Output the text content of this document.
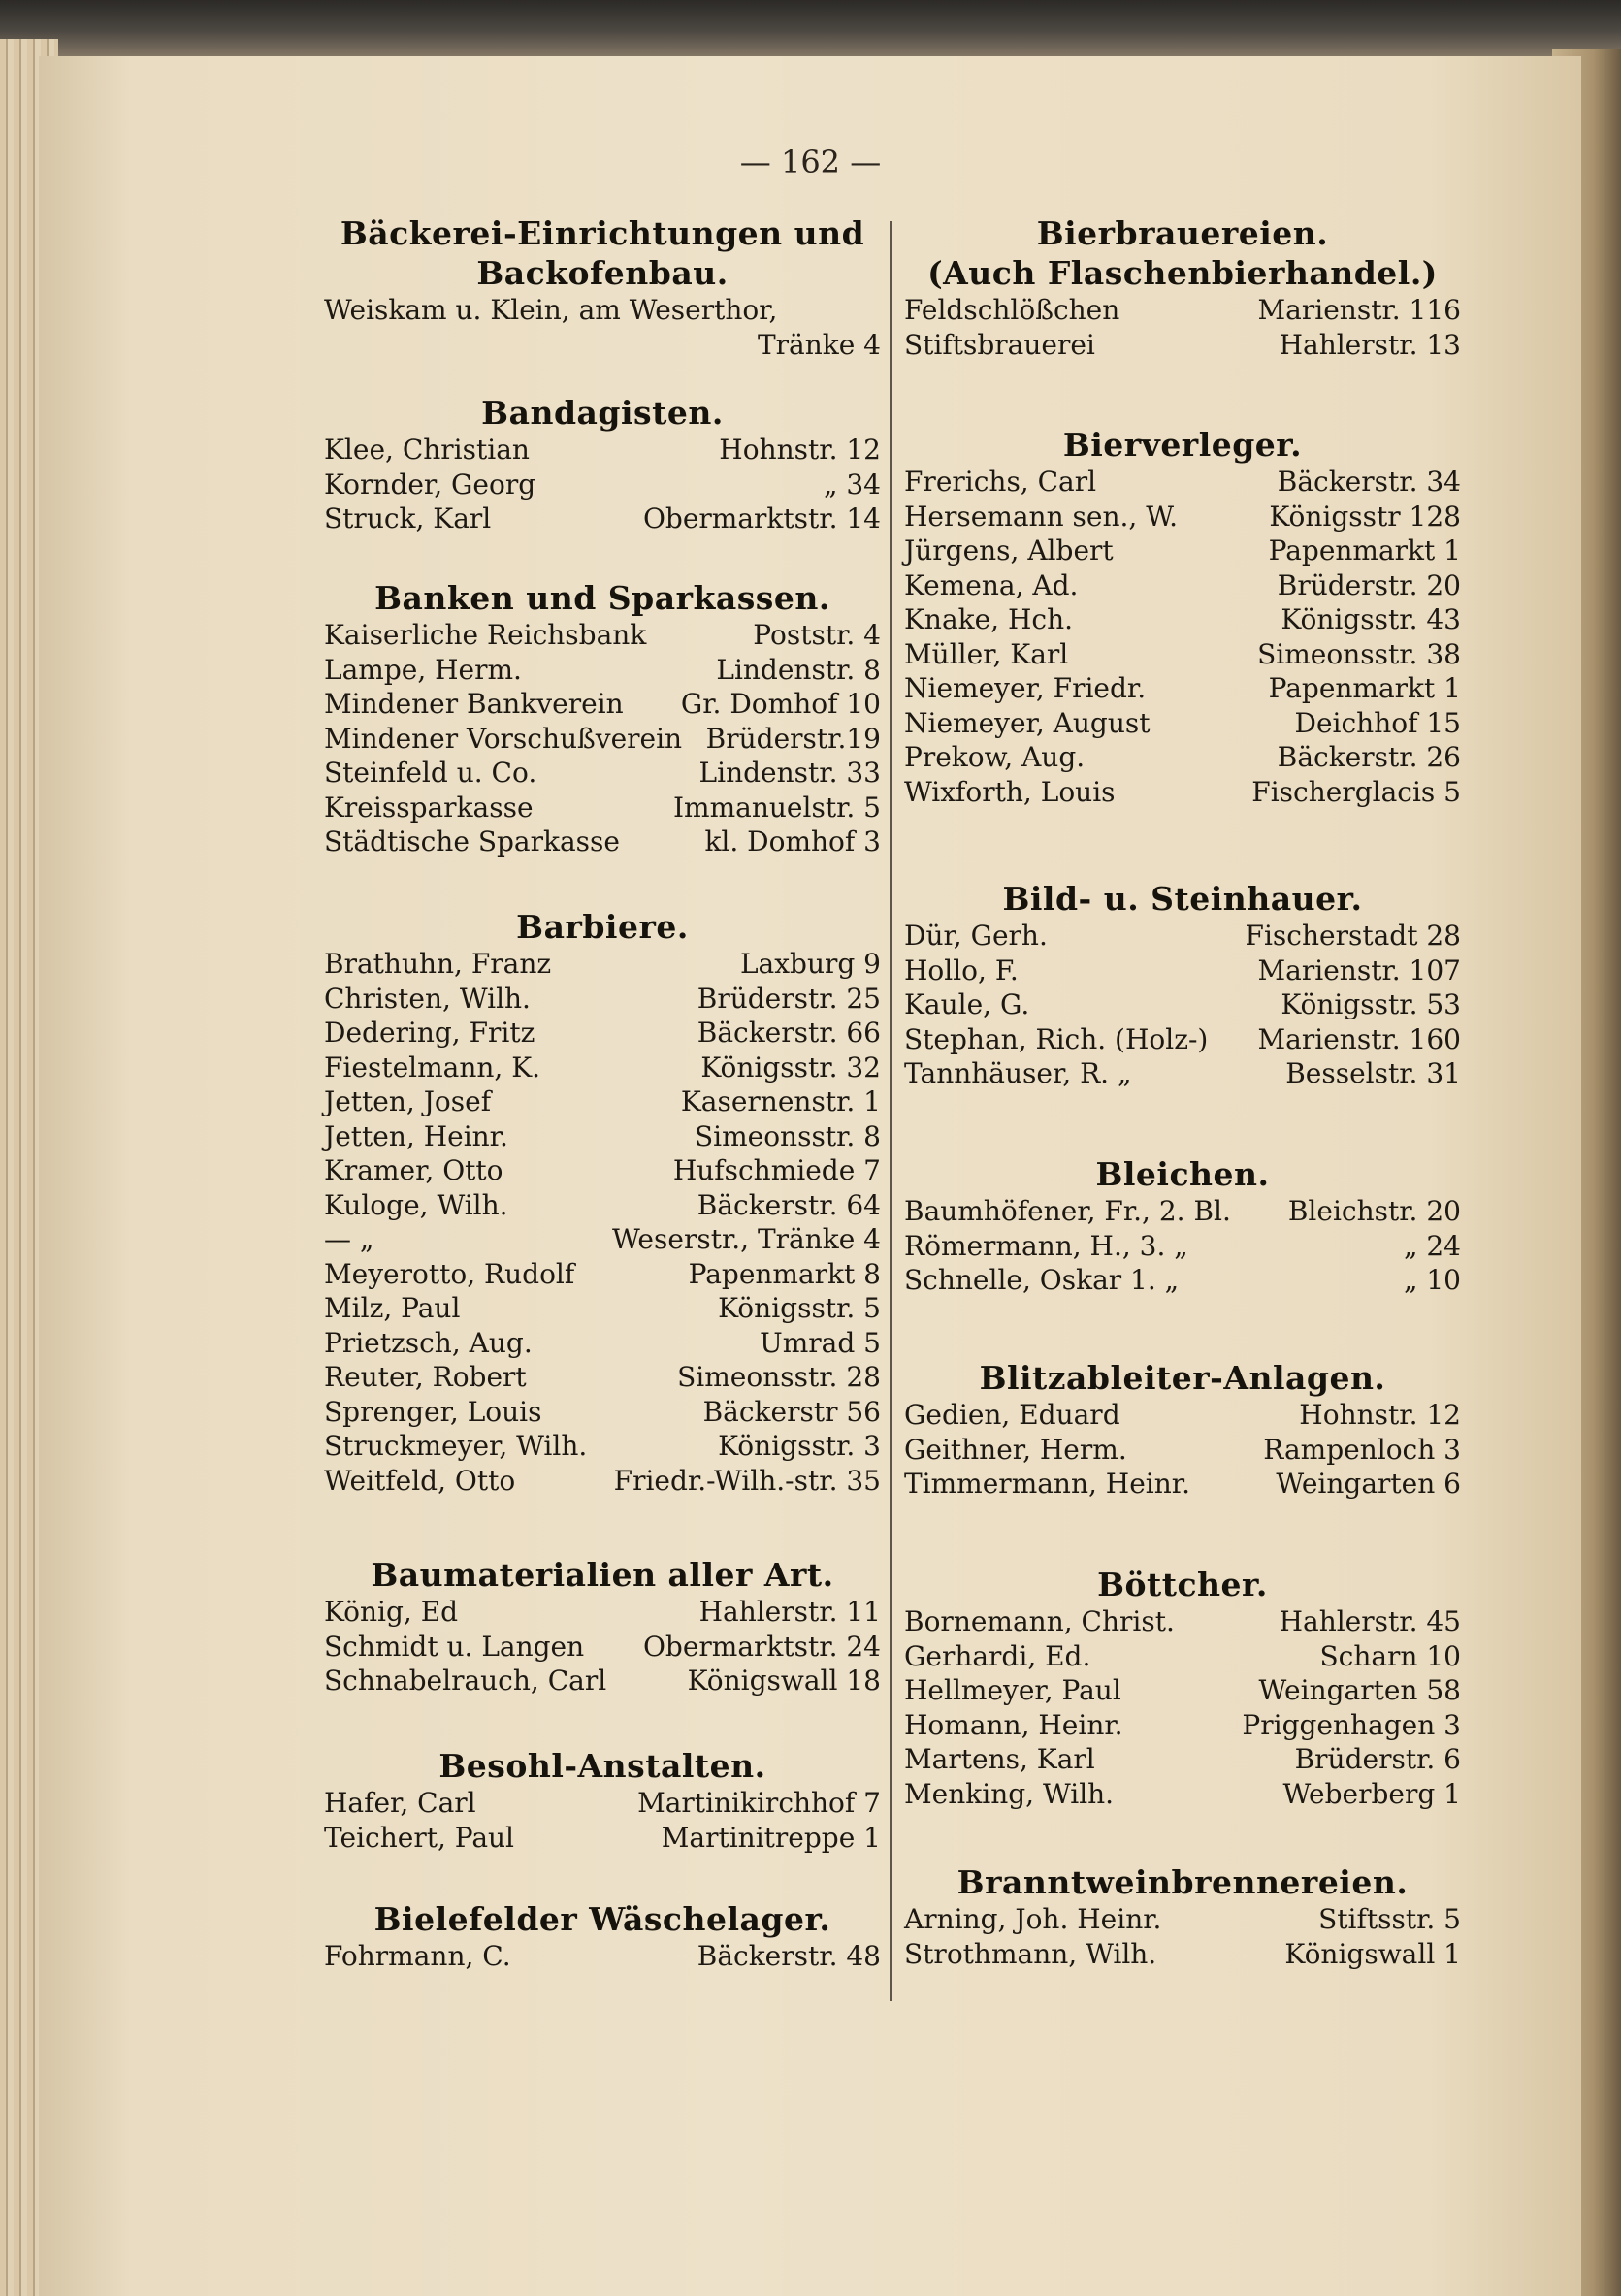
— 162 —
Bäckerei-Einrichtungen und
Backofenbau.
Weiskam u. Klein, am Weserthor,
Tränke 4
Bandagisten.
Klee, Christian	Hohnstr. 12
Kornder, Georg	„ 34
Struck, Karl	Obermarktstr. 14
Banken und Sparkassen.
Kaiserliche Reichsbank	Poststr. 4
Lampe, Herm.	Lindenstr. 8
Mindener Bankverein Gr. Domhof 10
Mindener Vorschußverein Brüderstr.19
Steinfeld u. Co.	Lindenstr. 33
Kreissparkasse	Immanuelstr. 5
Städtische Sparkasse	kl. Domhof 3
Barbiere.
Brathuhn, Franz	Laxburg 9
Christen, Wilh.	Brüderstr. 25
Dedering, Fritz	Bäckerstr. 66
Fiestelmann, K.	Königsstr. 32
Jetten, Josef	Kasernenstr. 1
Jetten, Heinr.	Simeonsstr. 8
Kramer, Otto	Hufschmiede 7
Kuloge, Wilh.	Bäckerstr. 64
— „	Weserstr., Tränke 4
Meyerotto, Rudolf	Papenmarkt 8
Milz, Paul	Königsstr. 5
Prietzsch, Aug.	Umrad 5
Reuter, Robert	Simeonsstr. 28
Sprenger, Louis	Bäckerstr 56
Struckmeyer, Wilh.	Königsstr. 3
Weitfeld, Otto	Friedr.-Wilh.-str. 35
Baumaterialien aller Art.
König, Ed	Hahlerstr. 11
Schmidt u. Langen Obermarktstr. 24
Schnabelrauch, Carl	Königswall 18
Besohl-Anstalten.
Hafer, Carl	Martinikirchhof 7
Teichert, Paul	Martinitreppe 1
Bielefelder Wäschelager.
Fohrmann, C.	Bäckerstr. 48
Bierbrauereien.
(Auch Flaschenbierhandel.)
Feldschlößchen	Marienstr. 116
Stiftsbrauerei	Hahlerstr. 13
Bierverleger.
Frerichs, Carl	Bäckerstr. 34
Hersemann sen., W.	Königsstr 128
Jürgens, Albert	Papenmarkt 1
Kemena, Ad.	Brüderstr. 20
Knake, Hch.	Königsstr. 43
Müller, Karl	Simeonsstr. 38
Niemeyer, Friedr.	Papenmarkt 1
Niemeyer, August	Deichhof 15
Prekow, Aug.	Bäckerstr. 26
Wixforth, Louis	Fischerglacis 5
Bild- u. Steinhauer.
Dür, Gerh.	Fischerstadt 28
Hollo, F.	Marienstr. 107
Kaule, G.	Königsstr. 53
Stephan, Rich. (Holz-) Marienstr. 160
Tannhäuser, R. „	Besselstr. 31
Bleichen.
Baumhöfener, Fr., 2. Bl. Bleichstr. 20
Römermann, H., 3. „	„ 24
Schnelle, Oskar 1. „	„ 10
Blitzableiter-Anlagen.
Gedien, Eduard	Hohnstr. 12
Geithner, Herm.	Rampenloch 3
Timmermann, Heinr.	Weingarten 6
Böttcher.
Bornemann, Christ.	Hahlerstr. 45
Gerhardi, Ed.	Scharn 10
Hellmeyer, Paul	Weingarten 58
Homann, Heinr.	Priggenhagen 3
Martens, Karl	Brüderstr. 6
Menking, Wilh.	Weberberg 1
Branntweinbrennereien.
Arning, Joh. Heinr.	Stiftsstr. 5
Strothmann, Wilh.	Königswall 1
